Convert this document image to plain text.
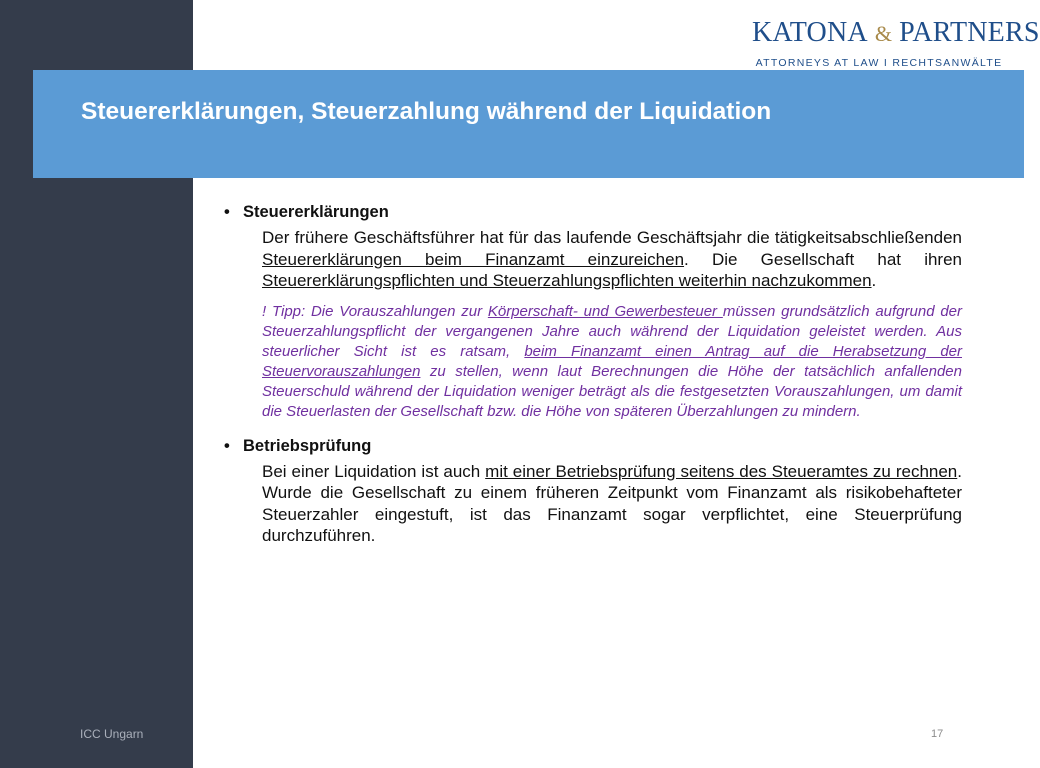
KATONA & PARTNERS
ATTORNEYS AT LAW I RECHTSANWÄLTE
Steuererklärungen, Steuerzahlung während der Liquidation
• Steuererklärungen
Der frühere Geschäftsführer hat für das laufende Geschäftsjahr die tätigkeitsabschließenden Steuererklärungen beim Finanzamt einzureichen. Die Gesellschaft hat ihren Steuererklärungspflichten und Steuerzahlungspflichten weiterhin nachzukommen.
! Tipp: Die Vorauszahlungen zur Körperschaft- und Gewerbesteuer müssen grundsätzlich aufgrund der Steuerzahlungspflicht der vergangenen Jahre auch während der Liquidation geleistet werden. Aus steuerlicher Sicht ist es ratsam, beim Finanzamt einen Antrag auf die Herabsetzung der Steuervorauszahlungen zu stellen, wenn laut Berechnungen die Höhe der tatsächlich anfallenden Steuerschuld während der Liquidation weniger beträgt als die festgesetzten Vorauszahlungen, um damit die Steuerlasten der Gesellschaft bzw. die Höhe von späteren Überzahlungen zu mindern.
• Betriebsprüfung
Bei einer Liquidation ist auch mit einer Betriebsprüfung seitens des Steueramtes zu rechnen. Wurde die Gesellschaft zu einem früheren Zeitpunkt vom Finanzamt als risikobehafteter Steuerzahler eingestuft, ist das Finanzamt sogar verpflichtet, eine Steuerprüfung durchzuführen.
ICC Ungarn	17
